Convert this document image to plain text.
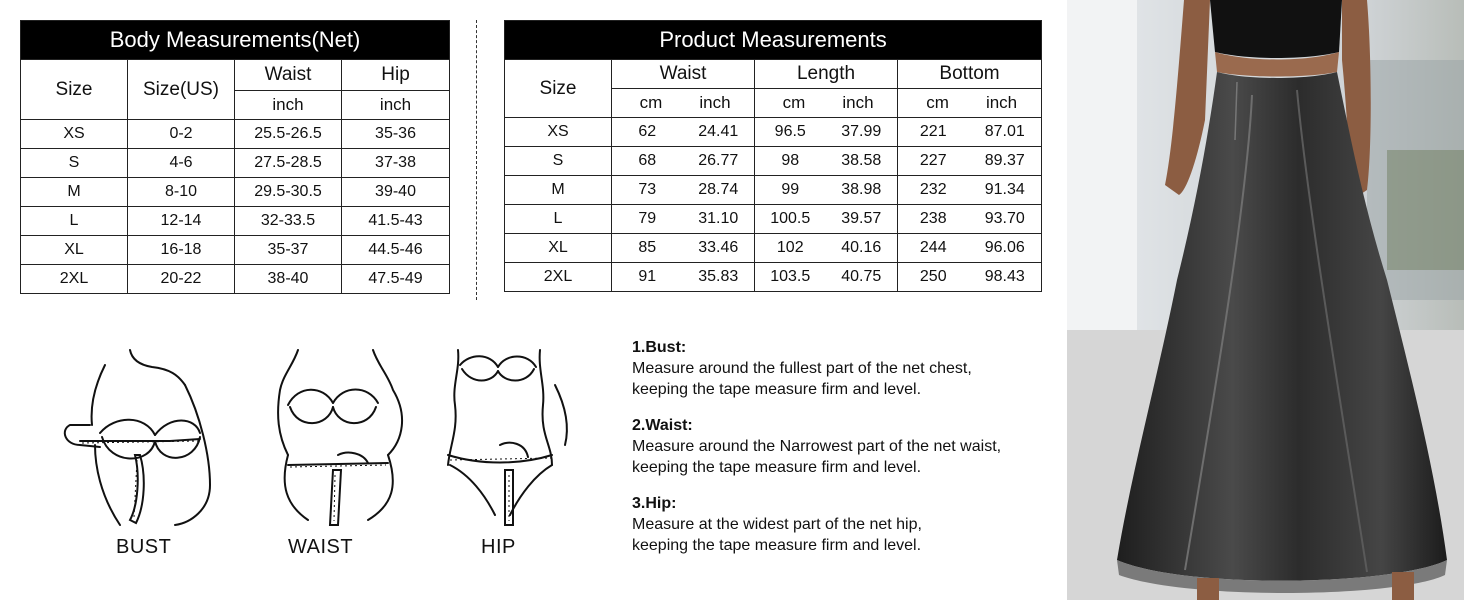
Body Measurements(Net)			
Size	Size(US)	Waist	Hip
		inch	inch
XS	0-2	25.5-26.5	35-36
S	4-6	27.5-28.5	37-38
M	8-10	29.5-30.5	39-40
L	12-14	32-33.5	41.5-43
XL	16-18	35-37	44.5-46
2XL	20-22	38-40	47.5-49
Product Measurements						
Size	Waist		Length		Bottom	
	cm inch		cm inch		cm inch	
XS	62	24.41	96.5	37.99	221	87.01
S	68	26.77	98	38.58	227	89.37
M	73	28.74	99	38.98	232	91.34
L	79	31.10	100.5	39.57	238	93.70
XL	85	33.46	102	40.16	244	96.06
2XL	91	35.83	103.5	40.75	250	98.43
BUST	WAIST	HIP
1.Bust:
Measure around the fullest part of the net chest,
keeping the tape measure firm and level.
2.Waist:
Measure around the Narrowest part of the net waist,
keeping the tape measure firm and level.
3.Hip:
Measure at the widest part of the net hip,
keeping the tape measure firm and level.
